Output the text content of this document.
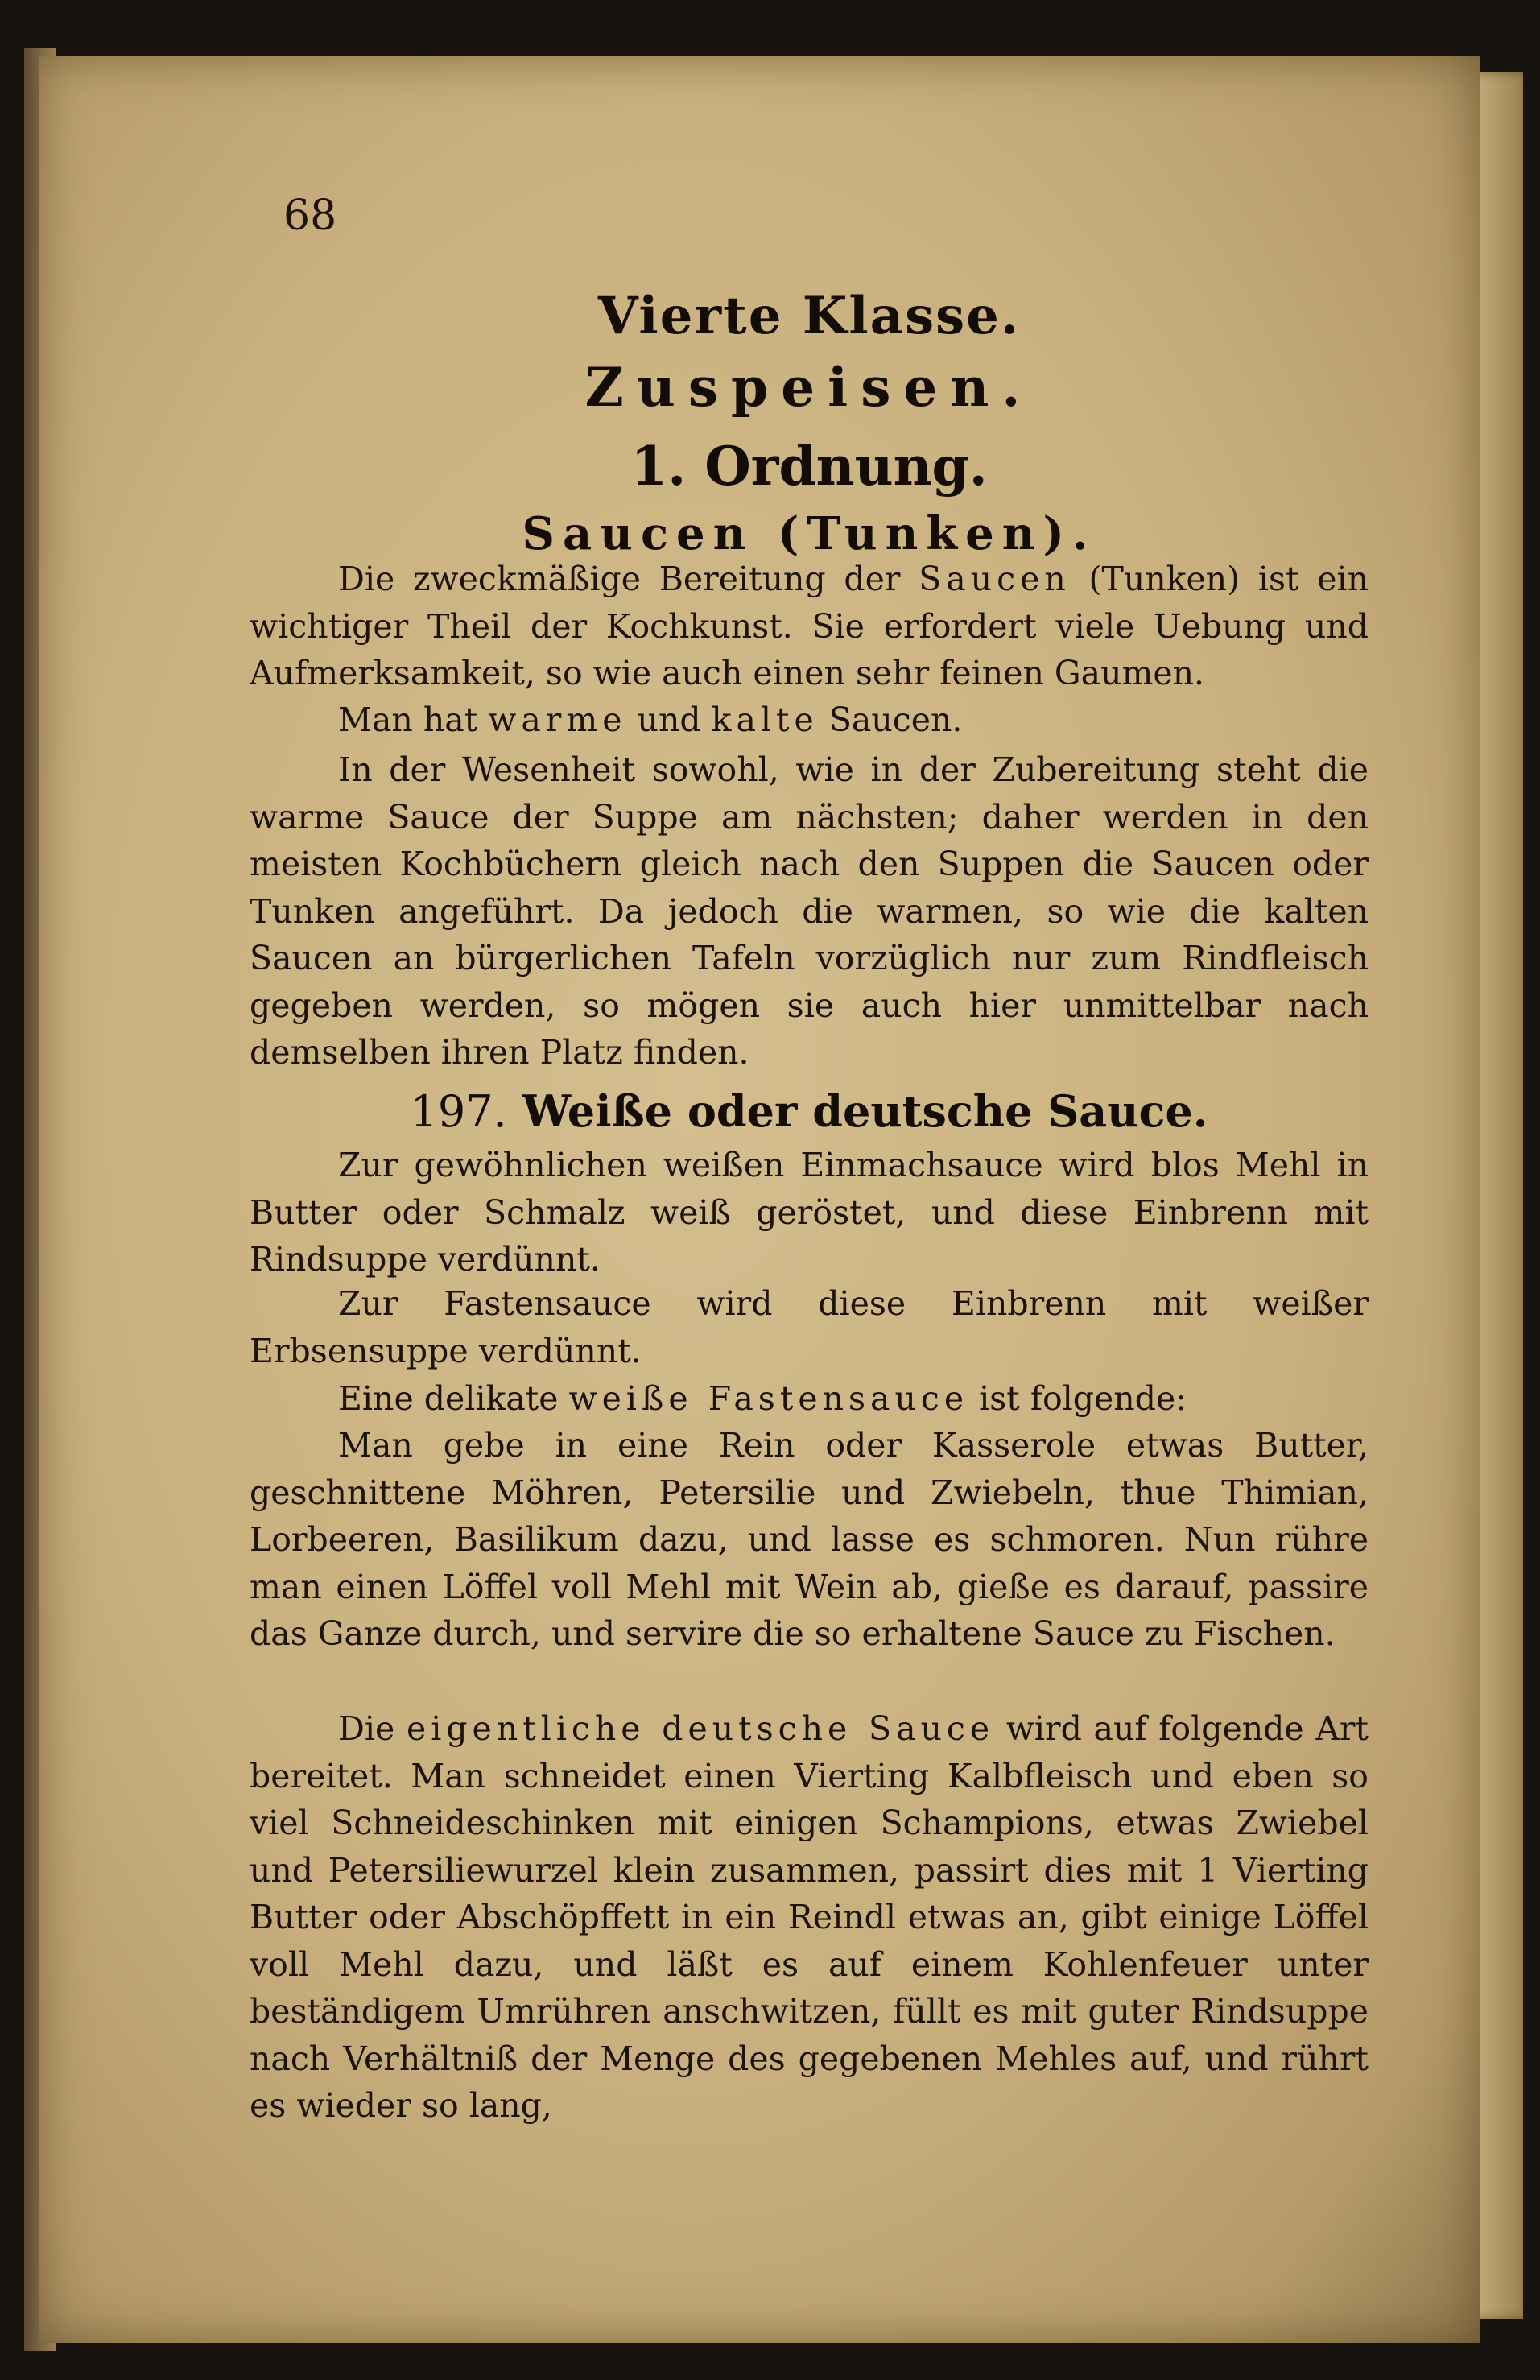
68
Vierte Klasse.
Zuspeisen.
1. Ordnung.
Saucen (Tunken).

Die zweckmäßige Bereitung der Saucen (Tunken) ist ein wichtiger Theil der Kochkunst. Sie erfordert viele Uebung und Aufmerksamkeit, so wie auch einen sehr feinen Gaumen.

Man hat warme und kalte Saucen.

In der Wesenheit sowohl, wie in der Zubereitung steht die warme Sauce der Suppe am nächsten; daher werden in den meisten Kochbüchern gleich nach den Suppen die Saucen oder Tunken angeführt. Da jedoch die warmen, so wie die kalten Saucen an bürgerlichen Tafeln vorzüglich nur zum Rindfleisch gegeben werden, so mögen sie auch hier unmittelbar nach demselben ihren Platz finden.

197. Weiße oder deutsche Sauce.

Zur gewöhnlichen weißen Einmachsauce wird blos Mehl in Butter oder Schmalz weiß geröstet, und diese Einbrenn mit Rindsuppe verdünnt.

Zur Fastensauce wird diese Einbrenn mit weißer Erbsensuppe verdünnt.

Eine delikate weiße Fastensauce ist folgende:

Man gebe in eine Rein oder Kasserole etwas Butter, geschnittene Möhren, Petersilie und Zwiebeln, thue Thimian, Lorbeeren, Basilikum dazu, und lasse es schmoren. Nun rühre man einen Löffel voll Mehl mit Wein ab, gieße es darauf, passire das Ganze durch, und servire die so erhaltene Sauce zu Fischen.

Die eigentliche deutsche Sauce wird auf folgende Art bereitet. Man schneidet einen Vierting Kalbfleisch und eben so viel Schneideschinken mit einigen Schampions, etwas Zwiebel und Petersiliewurzel klein zusammen, passirt dies mit 1 Vierting Butter oder Abschöpffett in ein Reindl etwas an, gibt einige Löffel voll Mehl dazu, und läßt es auf einem Kohlenfeuer unter beständigem Umrühren anschwitzen, füllt es mit guter Rindsuppe nach Verhältniß der Menge des gegebenen Mehles auf, und rührt es wieder so lang,
